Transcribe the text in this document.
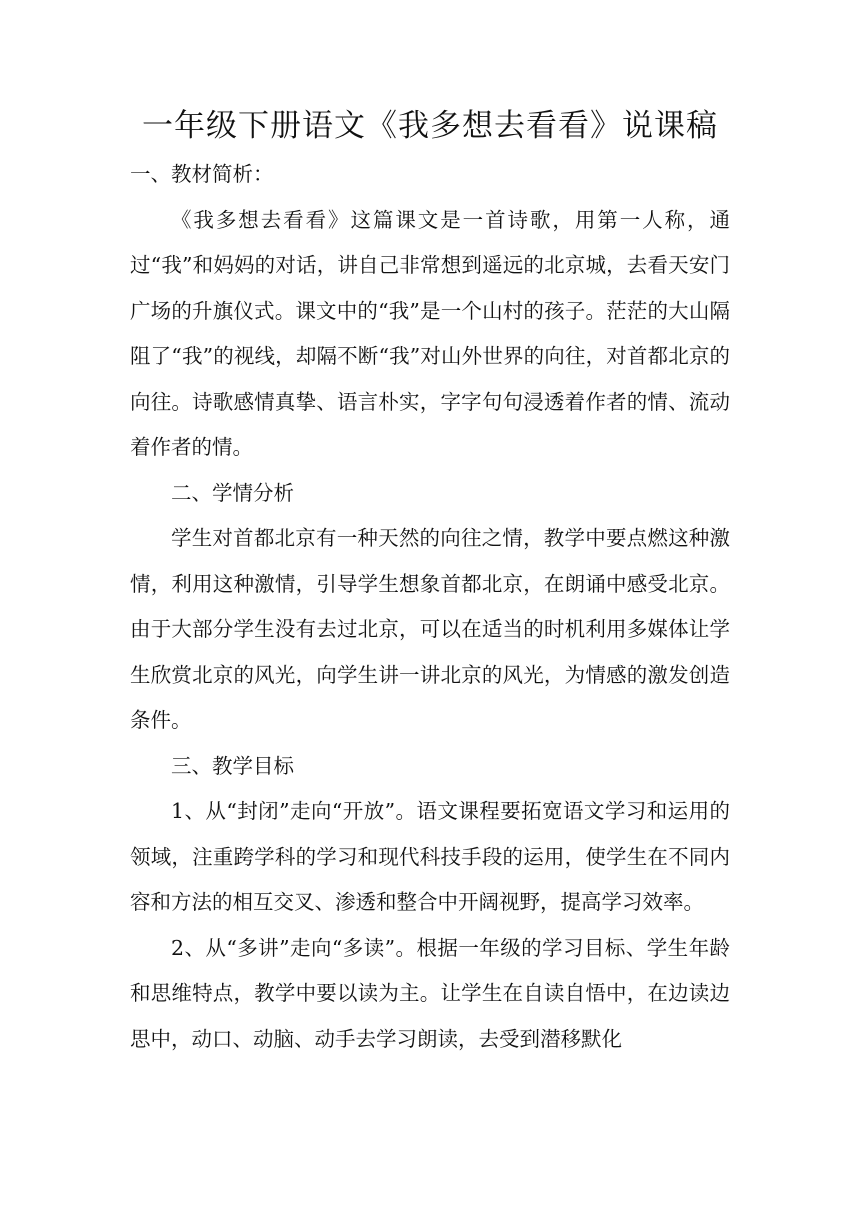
一年级下册语文《我多想去看看》说课稿

一、教材简析：

《我多想去看看》这篇课文是一首诗歌，用第一人称，通过“我”和妈妈的对话，讲自己非常想到遥远的北京城，去看天安门广场的升旗仪式。课文中的“我”是一个山村的孩子。茫茫的大山隔阻了“我”的视线，却隔不断“我”对山外世界的向往，对首都北京的向往。诗歌感情真挚、语言朴实，字字句句浸透着作者的情、流动着作者的情。

二、学情分析

学生对首都北京有一种天然的向往之情，教学中要点燃这种激情，利用这种激情，引导学生想象首都北京，在朗诵中感受北京。由于大部分学生没有去过北京，可以在适当的时机利用多媒体让学生欣赏北京的风光，向学生讲一讲北京的风光，为情感的激发创造条件。

三、教学目标

1、从“封闭”走向“开放”。语文课程要拓宽语文学习和运用的领域，注重跨学科的学习和现代科技手段的运用，使学生在不同内容和方法的相互交叉、渗透和整合中开阔视野，提高学习效率。

2、从“多讲”走向“多读”。根据一年级的学习目标、学生年龄和思维特点，教学中要以读为主。让学生在自读自悟中，在边读边思中，动口、动脑、动手去学习朗读，去受到潜移默化
